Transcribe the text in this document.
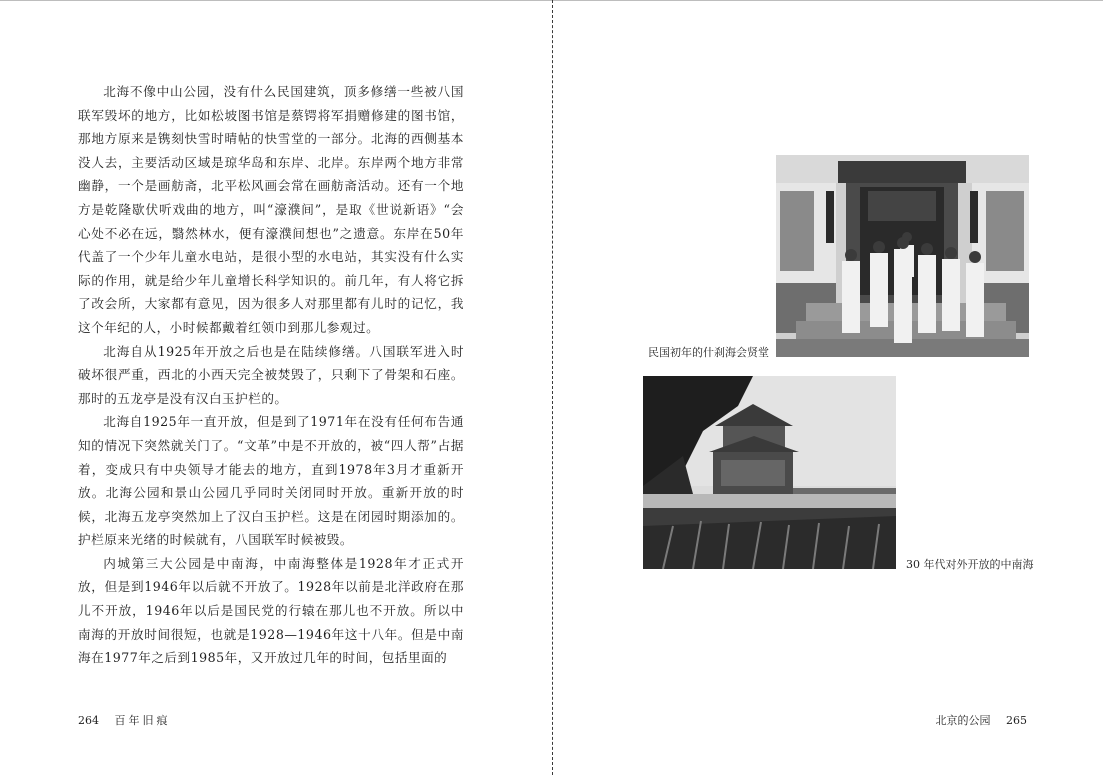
北海不像中山公园，没有什么民国建筑，顶多修缮一些被八国联军毁坏的地方，比如松坡图书馆是蔡锷将军捐赠修建的图书馆，那地方原来是镌刻快雪时晴帖的快雪堂的一部分。北海的西侧基本没人去，主要活动区域是琼华岛和东岸、北岸。东岸两个地方非常幽静，一个是画舫斋，北平松风画会常在画舫斋活动。还有一个地方是乾隆歇伏听戏曲的地方，叫“濠濮间”，是取《世说新语》“会心处不必在远，翳然林水，便有濠濮间想也”之遗意。东岸在50年代盖了一个少年儿童水电站，是很小型的水电站，其实没有什么实际的作用，就是给少年儿童增长科学知识的。前几年，有人将它拆了改会所，大家都有意见，因为很多人对那里都有儿时的记忆，我这个年纪的人，小时候都戴着红领巾到那儿参观过。

北海自从1925年开放之后也是在陆续修缮。八国联军进入时破坏很严重，西北的小西天完全被焚毁了，只剩下了骨架和石座。那时的五龙亭是没有汉白玉护栏的。

北海自1925年一直开放，但是到了1971年在没有任何布告通知的情况下突然就关门了。“文革”中是不开放的，被“四人帮”占据着，变成只有中央领导才能去的地方，直到1978年3月才重新开放。北海公园和景山公园几乎同时关闭同时开放。重新开放的时候，北海五龙亭突然加上了汉白玉护栏。这是在闭园时期添加的。护栏原来光绪的时候就有，八国联军时候被毁。

内城第三大公园是中南海，中南海整体是1928年才正式开放，但是到1946年以后就不开放了。1928年以前是北洋政府在那儿不开放，1946年以后是国民党的行辕在那儿也不开放。所以中南海的开放时间很短，也就是1928—1946年这十八年。但是中南海在1977年之后到1985年，又开放过几年的时间，包括里面的

264 百年旧痕
民国初年的什刹海会贤堂
30 年代对外开放的中南海
北京的公园 265
